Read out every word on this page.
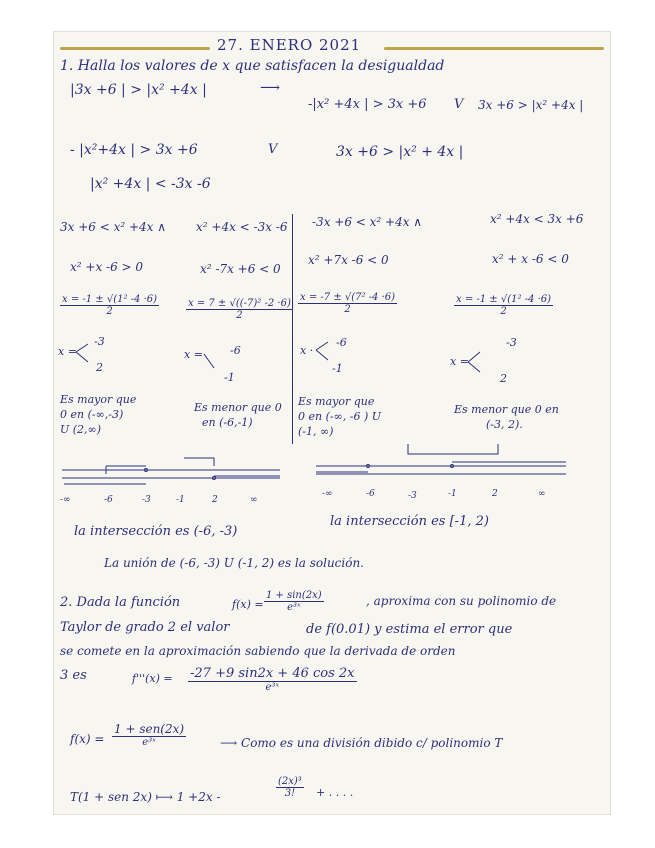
27. ENERO 2021
1. Halla los valores de x que satisfacen la desigualdad
|3x +6 | > |x² +4x |	⟶
-|x² +4x | > 3x +6 V 3x +6 > |x² +4x |
- |x²+4x | > 3x +6	V	3x +6 > |x² + 4x |
|x² +4x | < -3x -6
3x +6 < x² +4x ∧ x² +4x < -3x -6 -3x +6 < x² +4x ∧	x² +4x < 3x +6
x² +x -6 > 0	x² -7x +6 < 0
x² +7x -6 < 0	x² + x -6 < 0
$\frac{\text{x = -1 ± √(1² -4 ·6)}}{2}$	$\frac{\text{x = 7 ± √((-7)² -2 ·6)}}{2} \frac{\text{x = -7 ± √(7² -4 ·6)}}{2}$	$\frac{\text{x = -1 ± √(1² -4 ·6)}}{2}$
x =
-3
2
x = -6
-1
x ·
-6
-1
x =
-3
2
Es mayor que
0 en (-∞,-3)
U (2,∞)
Es menor que 0
en (-6,-1)
Es mayor que
0 en (-∞, -6 ) U
(-1, ∞)
Es menor que 0 en
(-3, 2).
-∞	-6	-3	-1	2	∞
-∞	-6	-3	-1	2	∞
la intersección es (-6, -3)
la intersección es [-1, 2)
La unión de (-6, -3) U (-1, 2) es la solución.
2. Dada la función	$f(x) = \frac{1 + \sin(2x)}{\text{e³ˣ}}$	, aproxima con su polinomio de
Taylor de grado 2 el valor	de f(0.01) y estima el error que
se comete en la aproximación sabiendo que la derivada de orden
3 es	f'''(x) = -27 +9 sin2x + 46 cos 2x
e³ˣ
f(x) =
1 + sen(2x)
e³ˣ	⟶ Como es una división dibido c/ polinomio T
T(1 + sen 2x) ⟼ 1 +2x -	$\frac{\text{(2x)³}}{3!}$ + . . . .
